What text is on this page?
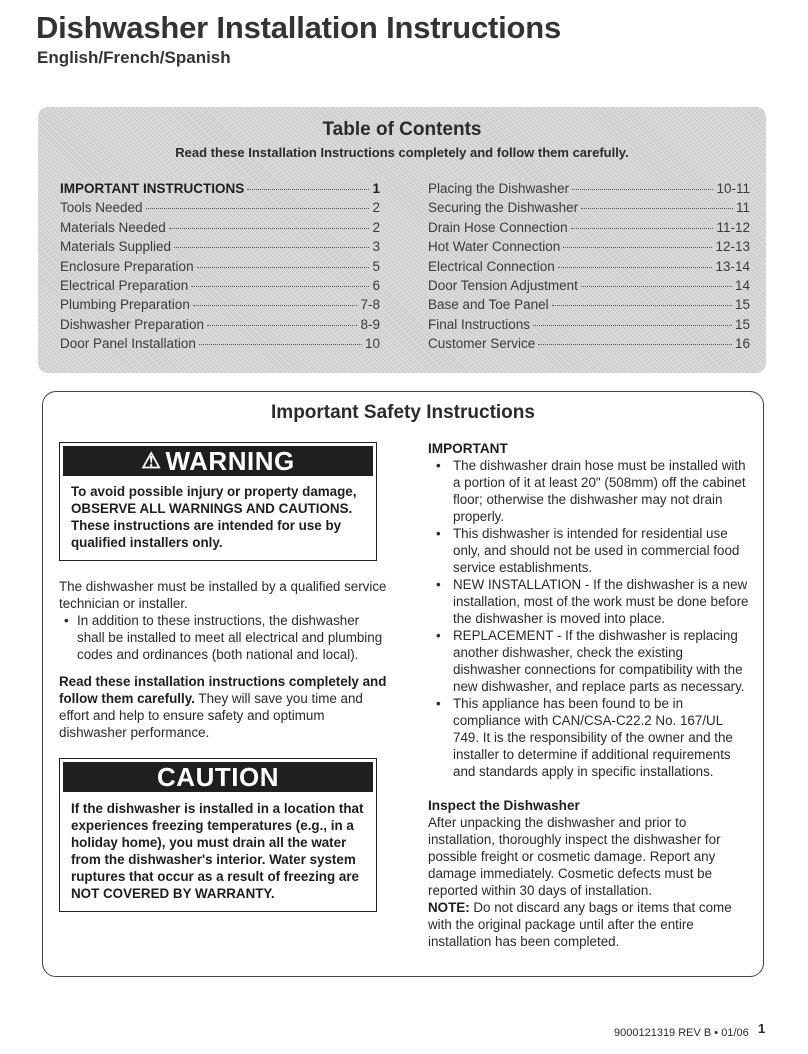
Dishwasher Installation Instructions

English/French/Spanish

Table of Contents
Read these Installation Instructions completely and follow them carefully.
IMPORTANT INSTRUCTIONS	1
Tools Needed	2
Materials Needed	2
Materials Supplied	3
Enclosure Preparation	5
Electrical Preparation	6
Plumbing Preparation	7-8
Dishwasher Preparation	8-9
Door Panel Installation	10
Placing the Dishwasher	10-11
Securing the Dishwasher	11
Drain Hose Connection	11-12
Hot Water Connection	12-13
Electrical Connection	13-14
Door Tension Adjustment	14
Base and Toe Panel	15
Final Instructions	15
Customer Service	16
Important Safety Instructions
⚠ WARNING
To avoid possible injury or property damage, OBSERVE ALL WARNINGS AND CAUTIONS. These instructions are intended for use by qualified installers only.

The dishwasher must be installed by a qualified service technician or installer.

• In addition to these instructions, the dishwasher shall be installed to meet all electrical and plumbing codes and ordinances (both national and local).

Read these installation instructions completely and follow them carefully. They will save you time and effort and help to ensure safety and optimum dishwasher performance.

CAUTION
If the dishwasher is installed in a location that experiences freezing temperatures (e.g., in a holiday home), you must drain all the water from the dishwasher's interior. Water system ruptures that occur as a result of freezing are NOT COVERED BY WARRANTY.

IMPORTANT

• The dishwasher drain hose must be installed with a portion of it at least 20" (508mm) off the cabinet floor; otherwise the dishwasher may not drain properly.
• This dishwasher is intended for residential use only, and should not be used in commercial food service establishments.
• NEW INSTALLATION - If the dishwasher is a new installation, most of the work must be done before the dishwasher is moved into place.
• REPLACEMENT - If the dishwasher is replacing another dishwasher, check the existing dishwasher connections for compatibility with the new dishwasher, and replace parts as necessary.
• This appliance has been found to be in compliance with CAN/CSA-C22.2 No. 167/UL 749. It is the responsibility of the owner and the installer to determine if additional requirements and standards apply in specific installations.

Inspect the Dishwasher

After unpacking the dishwasher and prior to installation, thoroughly inspect the dishwasher for possible freight or cosmetic damage. Report any damage immediately. Cosmetic defects must be reported within 30 days of installation.

NOTE: Do not discard any bags or items that come with the original package until after the entire installation has been completed.

9000121319 REV B • 01/06 1
